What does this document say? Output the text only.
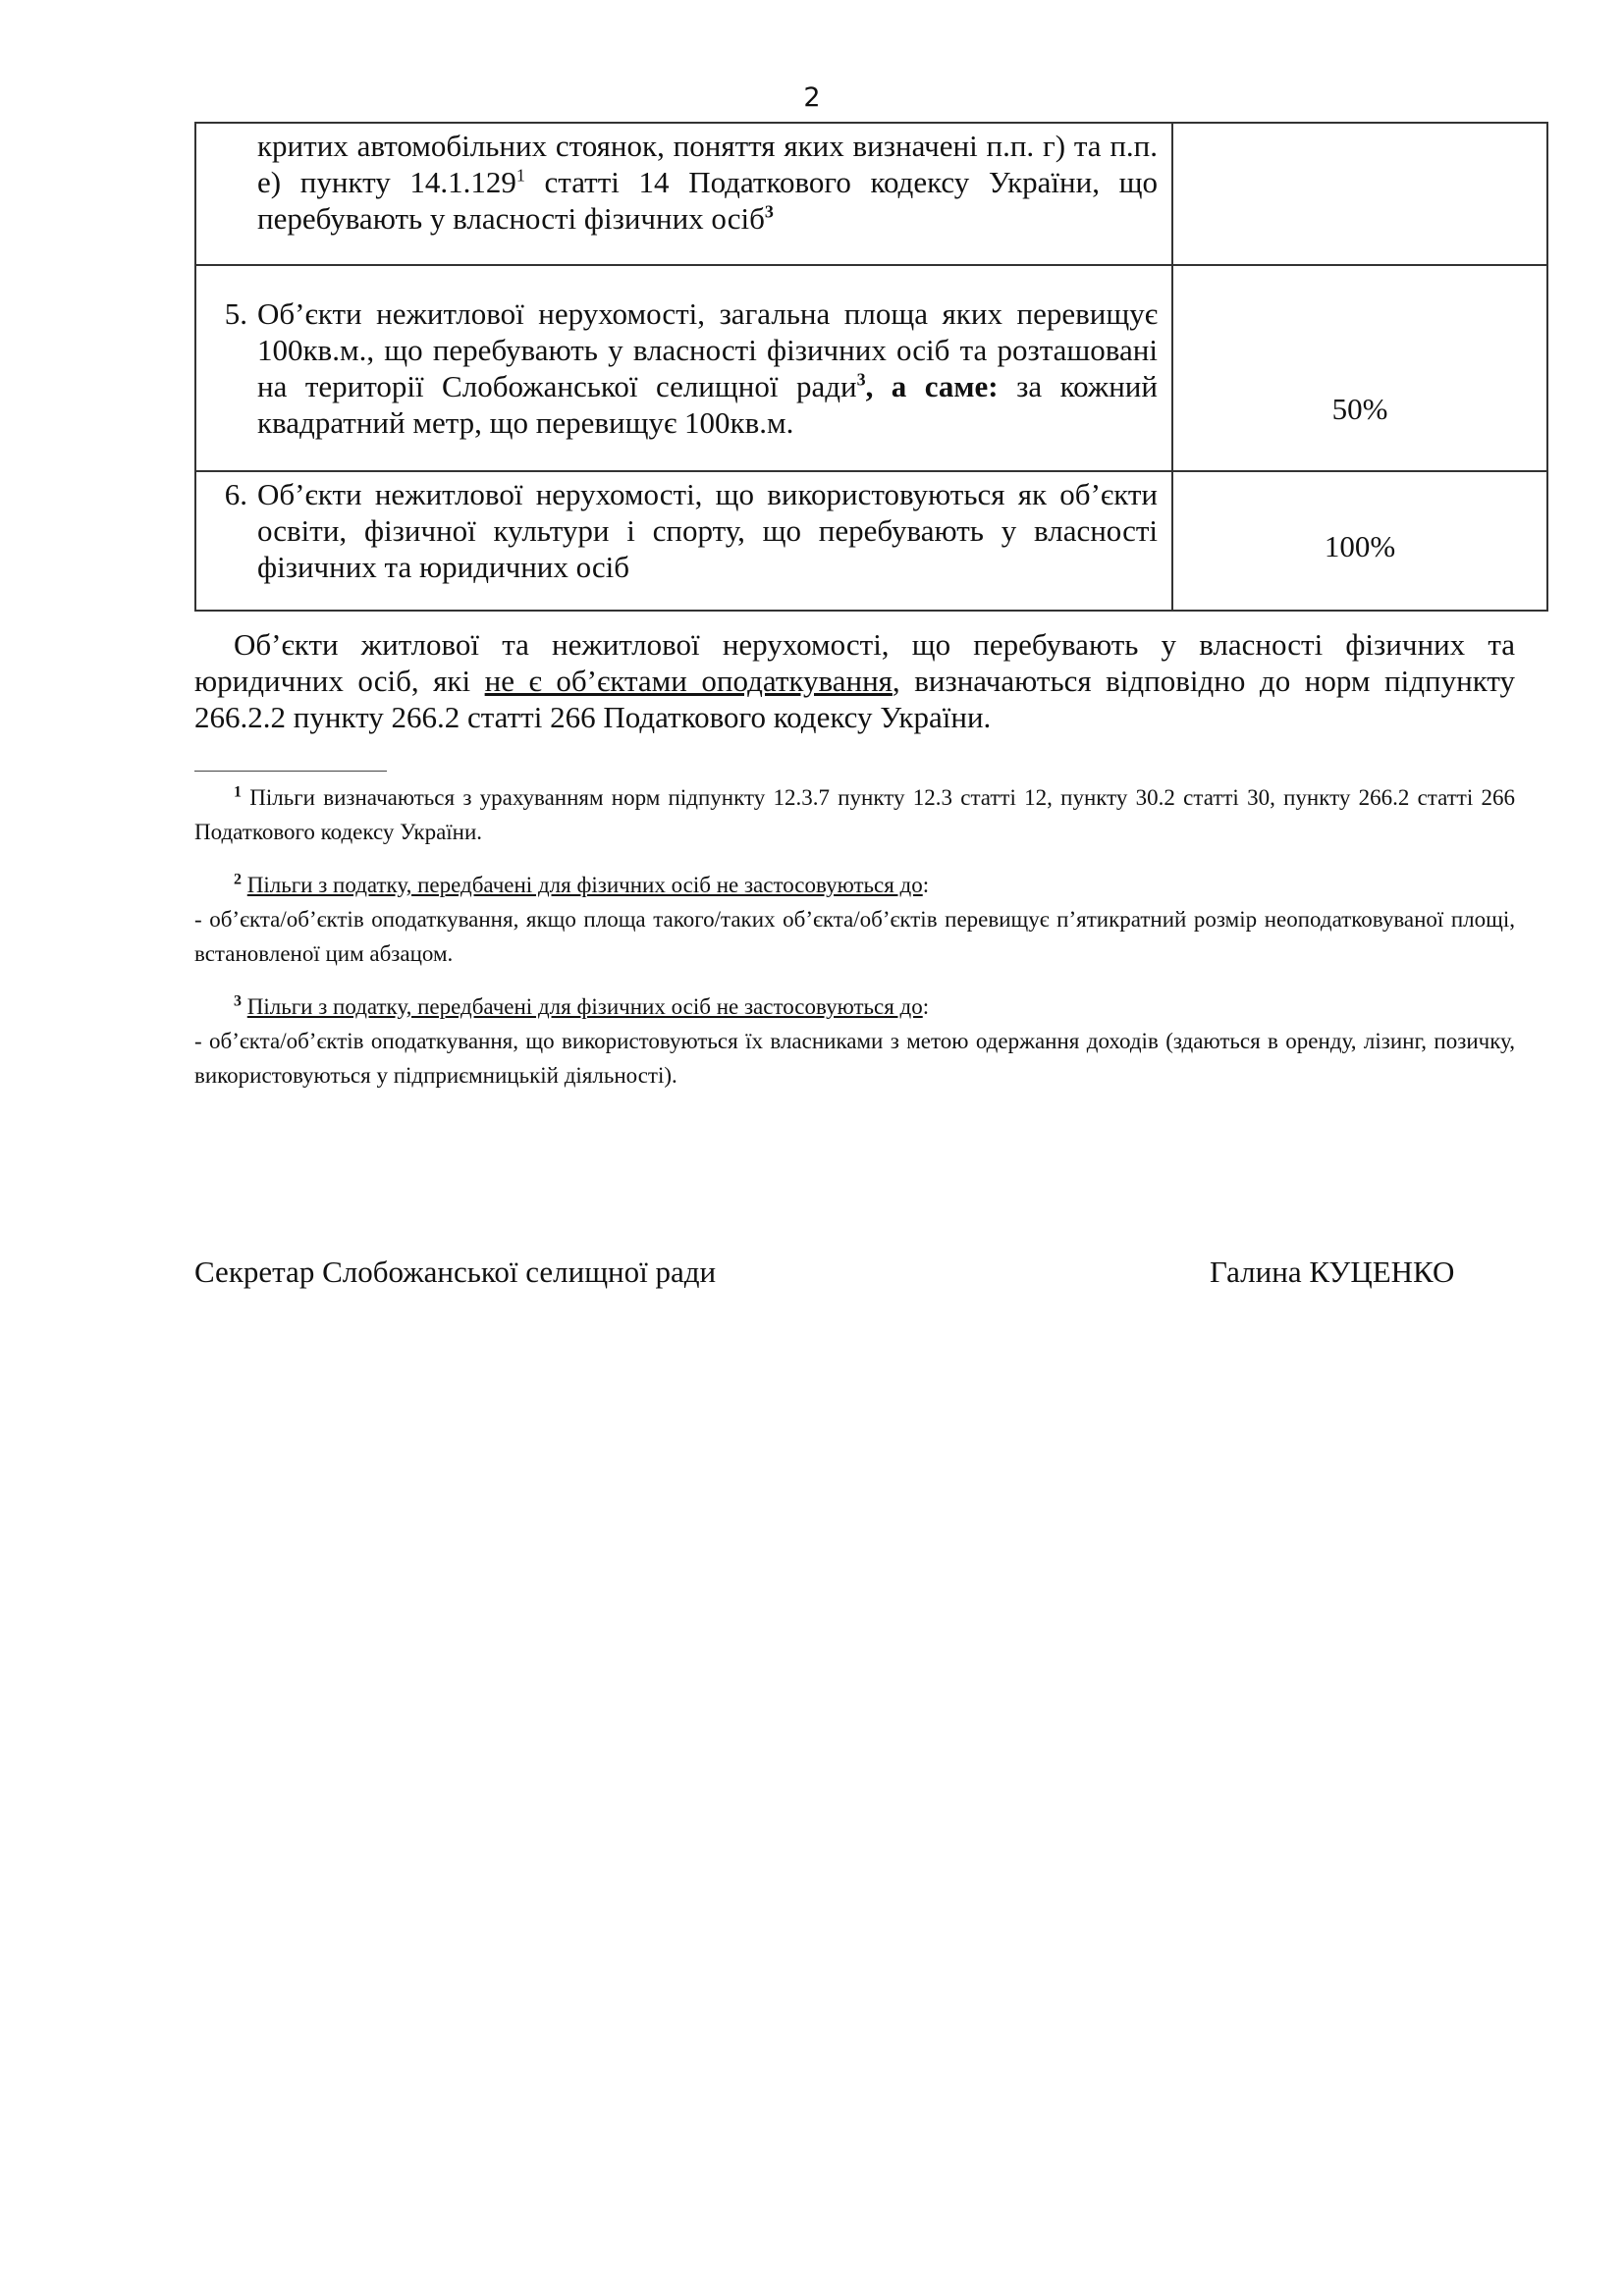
2
критих автомобільних стоянок, поняття яких визначені п.п. г) та п.п. е) пункту 14.1.129$^1$ статті 14 Податкового кодексу України, що перебувають у власності фізичних осіб$^3$

5. Об’єкти нежитлової нерухомості, загальна площа яких перевищує 100кв.м., що перебувають у власності фізичних осіб та розташовані на території Слобожанської селищної ради$^3$, а саме: за кожний квадратний метр, що перевищує 100кв.м.	50%

6. Об’єкти нежитлової нерухомості, що використовуються як об’єкти освіти, фізичної культури і спорту, що перебувають у власності фізичних та юридичних осіб	100%
Об’єкти житлової та нежитлової нерухомості, що перебувають у власності фізичних та юридичних осіб, які не є об’єктами оподаткування, визначаються відповідно до норм підпункту 266.2.2 пункту 266.2 статті 266 Податкового кодексу України.
$^1$ Пільги визначаються з урахуванням норм підпункту 12.3.7 пункту 12.3 статті 12, пункту 30.2 статті 30, пункту 266.2 статті 266 Податкового кодексу України.
$^2$ Пільги з податку, передбачені для фізичних осіб не застосовуються до:
- об’єкта/об’єктів оподаткування, якщо площа такого/таких об’єкта/об’єктів перевищує п’ятикратний розмір неоподатковуваної площі, встановленої цим абзацом.
$^3$ Пільги з податку, передбачені для фізичних осіб не застосовуються до:
- об’єкта/об’єктів оподаткування, що використовуються їх власниками з метою одержання доходів (здаються в оренду, лізинг, позичку, використовуються у підприємницькій діяльності).
Секретар Слобожанської селищної ради	Галина КУЦЕНКО
